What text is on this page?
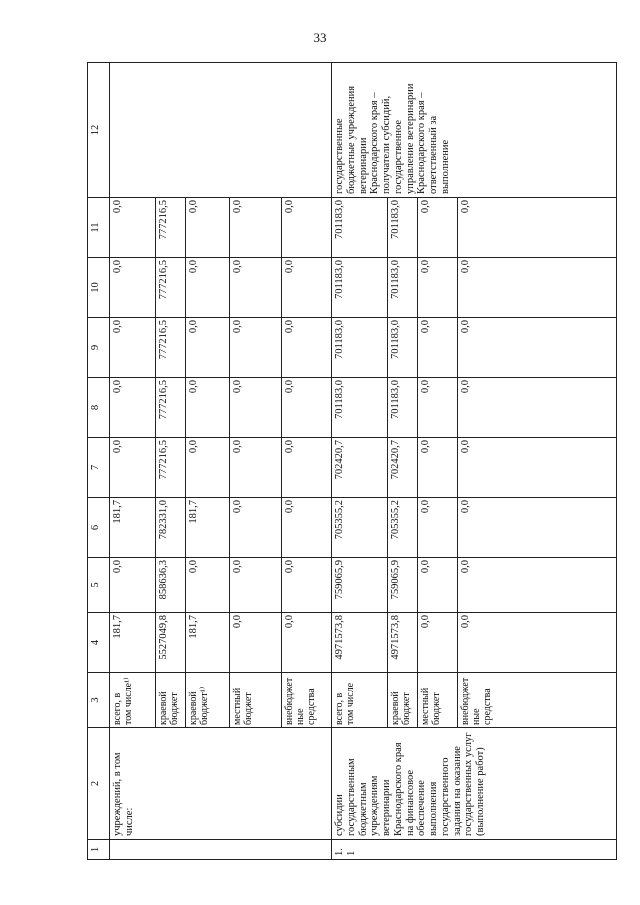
33
1	2	3	4	5	6	7	8	9	10	11	12
	учреждений, в том числе:	всего, в том числе¹⁾	181,7	0,0	181,7	0,0	0,0	0,0	0,0	0,0	
		краевой бюджет	5527049,8	858636,3	782331,0	777216,5	777216,5	777216,5	777216,5	777216,5	
		краевой бюджет¹⁾	181,7	0,0	181,7	0,0	0,0	0,0	0,0	0,0	
		местный бюджет	0,0	0,0	0,0	0,0	0,0	0,0	0,0	0,0	
		внебюджетные средства	0,0	0,0	0,0	0,0	0,0	0,0	0,0	0,0	
1.1	субсидии государственным бюджетным учреждениям ветеринарии Краснодарского края на финансовое обеспечение выполнения государственного задания на оказание государственных услуг (выполнение работ)	всего, в том числе	4971573,8	759065,9	705355,2	702420,7	701183,0	701183,0	701183,0	701183,0	государственные бюджетные учреждения ветеринарии Краснодарского края – получатели субсидий, государственное управление ветеринарии Краснодарского края – ответственный за выполнение
		краевой бюджет	4971573,8	759065,9	705355,2	702420,7	701183,0	701183,0	701183,0	701183,0	
		местный бюджет	0,0	0,0	0,0	0,0	0,0	0,0	0,0	0,0	
		внебюджетные средства	0,0	0,0	0,0	0,0	0,0	0,0	0,0	0,0	
